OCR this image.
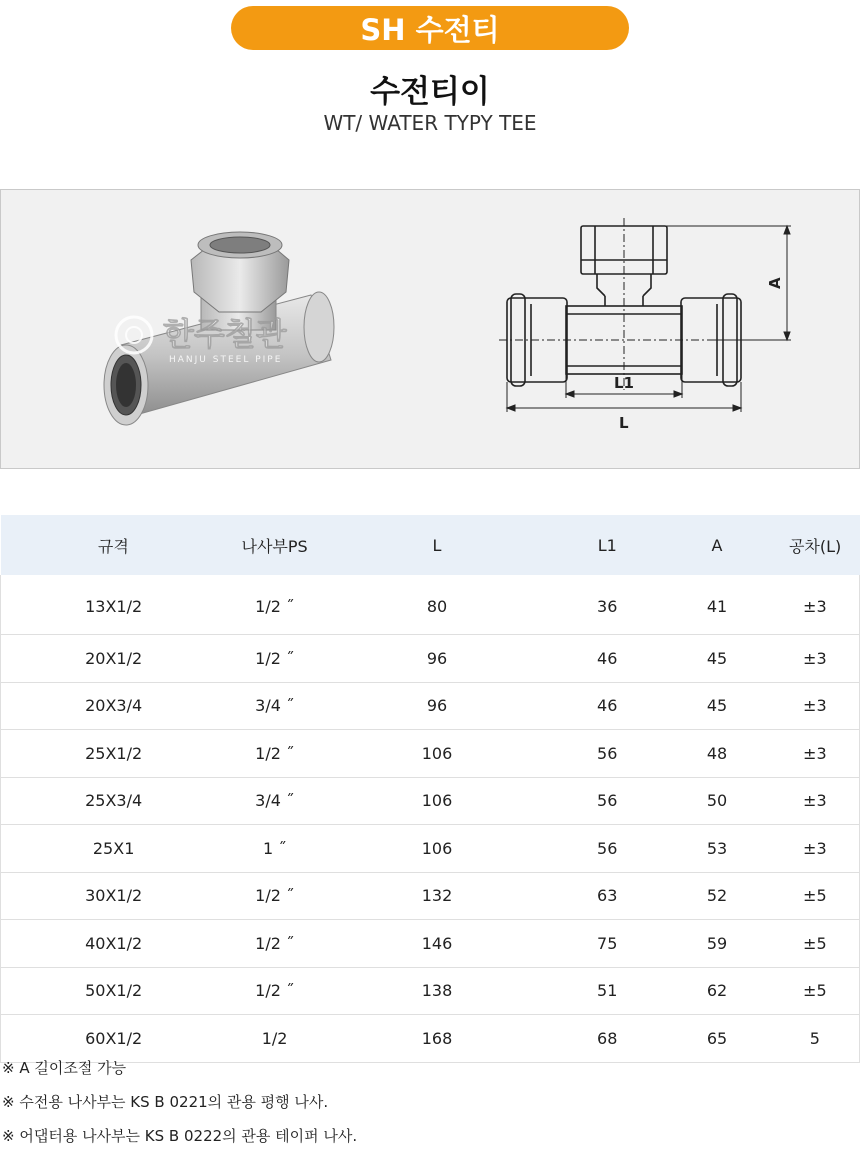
SH 수전티
수전티이
WT/ WATER TYPY TEE
한주철관
HANJU STEEL PIPE
A
L1
L
규격	나사부PS	L	L1	A	공차(L)
13X1/2	1/2 ˝	80	36	41	±3
20X1/2	1/2 ˝	96	46	45	±3
20X3/4	3/4 ˝	96	46	45	±3
25X1/2	1/2 ˝	106	56	48	±3
25X3/4	3/4 ˝	106	56	50	±3
25X1	1 ˝	106	56	53	±3
30X1/2	1/2 ˝	132	63	52	±5
40X1/2	1/2 ˝	146	75	59	±5
50X1/2	1/2 ˝	138	51	62	±5
60X1/2	1/2	168	68	65	5
※ A 길이조절 가능
※ 수전용 나사부는 KS B 0221의 관용 평행 나사.
※ 어댑터용 나사부는 KS B 0222의 관용 테이퍼 나사.
